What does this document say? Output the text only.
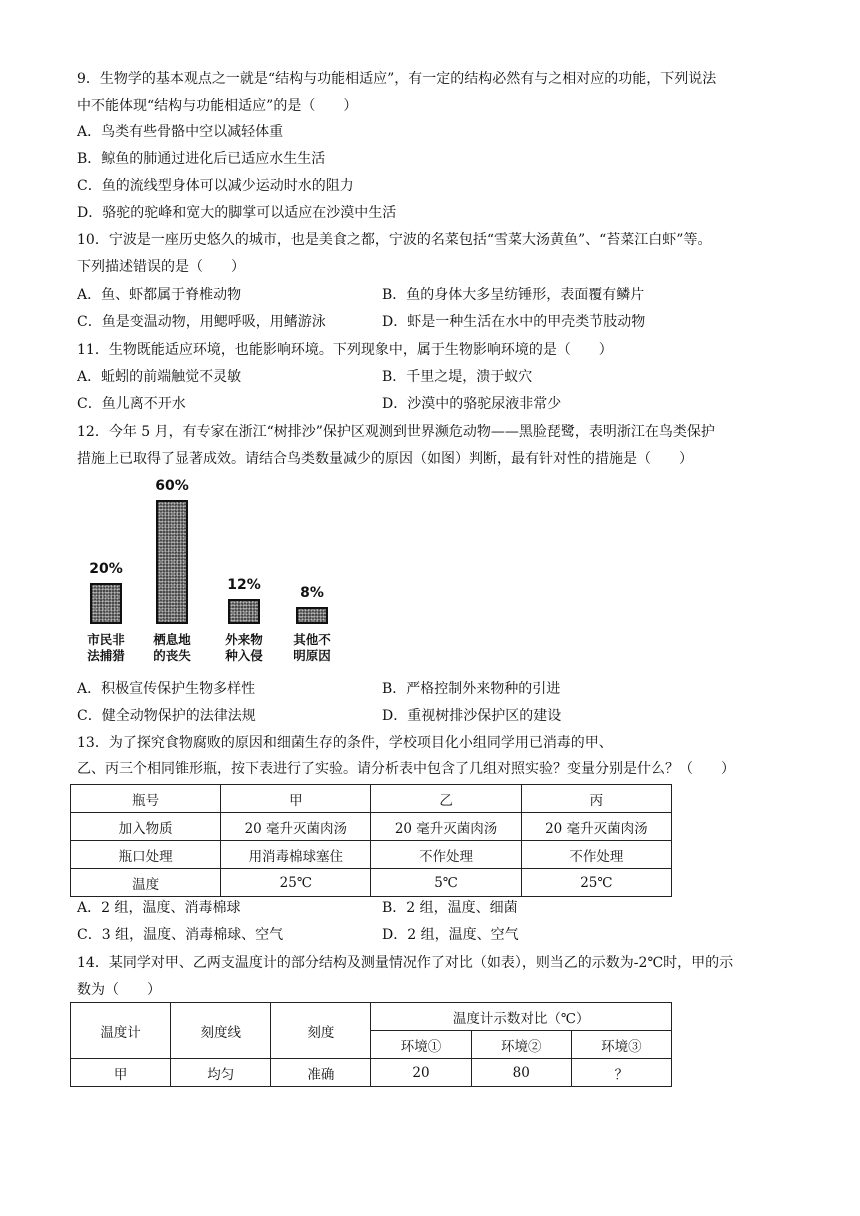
9．生物学的基本观点之一就是“结构与功能相适应”，有一定的结构必然有与之相对应的功能，下列说法
中不能体现“结构与功能相适应”的是（　　）
A．鸟类有些骨骼中空以减轻体重
B．鲸鱼的肺通过进化后已适应水生生活
C．鱼的流线型身体可以减少运动时水的阻力
D．骆驼的驼峰和宽大的脚掌可以适应在沙漠中生活
10．宁波是一座历史悠久的城市，也是美食之都，宁波的名菜包括“雪菜大汤黄鱼”、“苔菜江白虾”等。
下列描述错误的是（　　）
A．鱼、虾都属于脊椎动物	B．鱼的身体大多呈纺锤形，表面覆有鳞片
C．鱼是变温动物，用鳃呼吸，用鳍游泳	D．虾是一种生活在水中的甲壳类节肢动物
11．生物既能适应环境，也能影响环境。下列现象中，属于生物影响环境的是（　　）
A．蚯蚓的前端触觉不灵敏	B．千里之堤，溃于蚁穴
C．鱼儿离不开水	D．沙漠中的骆驼尿液非常少
12．今年 5 月，有专家在浙江“树排沙”保护区观测到世界濒危动物——黑脸琵鹭，表明浙江在鸟类保护
措施上已取得了显著成效。请结合鸟类数量减少的原因（如图）判断，最有针对性的措施是（　　）
20%
市民非
法捕猎
60%
栖息地
的丧失
12%
外来物
种入侵
8%
其他不
明原因
A．积极宣传保护生物多样性	B．严格控制外来物种的引进
C．健全动物保护的法律法规	D．重视树排沙保护区的建设
13．为了探究食物腐败的原因和细菌生存的条件，学校项目化小组同学用已消毒的甲、
乙、丙三个相同锥形瓶，按下表进行了实验。请分析表中包含了几组对照实验？变量分别是什么？（　　）
瓶号	甲	乙	丙
加入物质	20 毫升灭菌肉汤	20 毫升灭菌肉汤	20 毫升灭菌肉汤
瓶口处理	用消毒棉球塞住	不作处理	不作处理
温度	25℃	5℃	25℃
A．2 组，温度、消毒棉球	B．2 组，温度、细菌
C．3 组，温度、消毒棉球、空气	D．2 组，温度、空气
14．某同学对甲、乙两支温度计的部分结构及测量情况作了对比（如表），则当乙的示数为-2℃时，甲的示
数为（　　）
温度计	刻度线	刻度	温度计示数对比（℃）		
			环境①	环境②	环境③
甲	均匀	准确	20	80	？
